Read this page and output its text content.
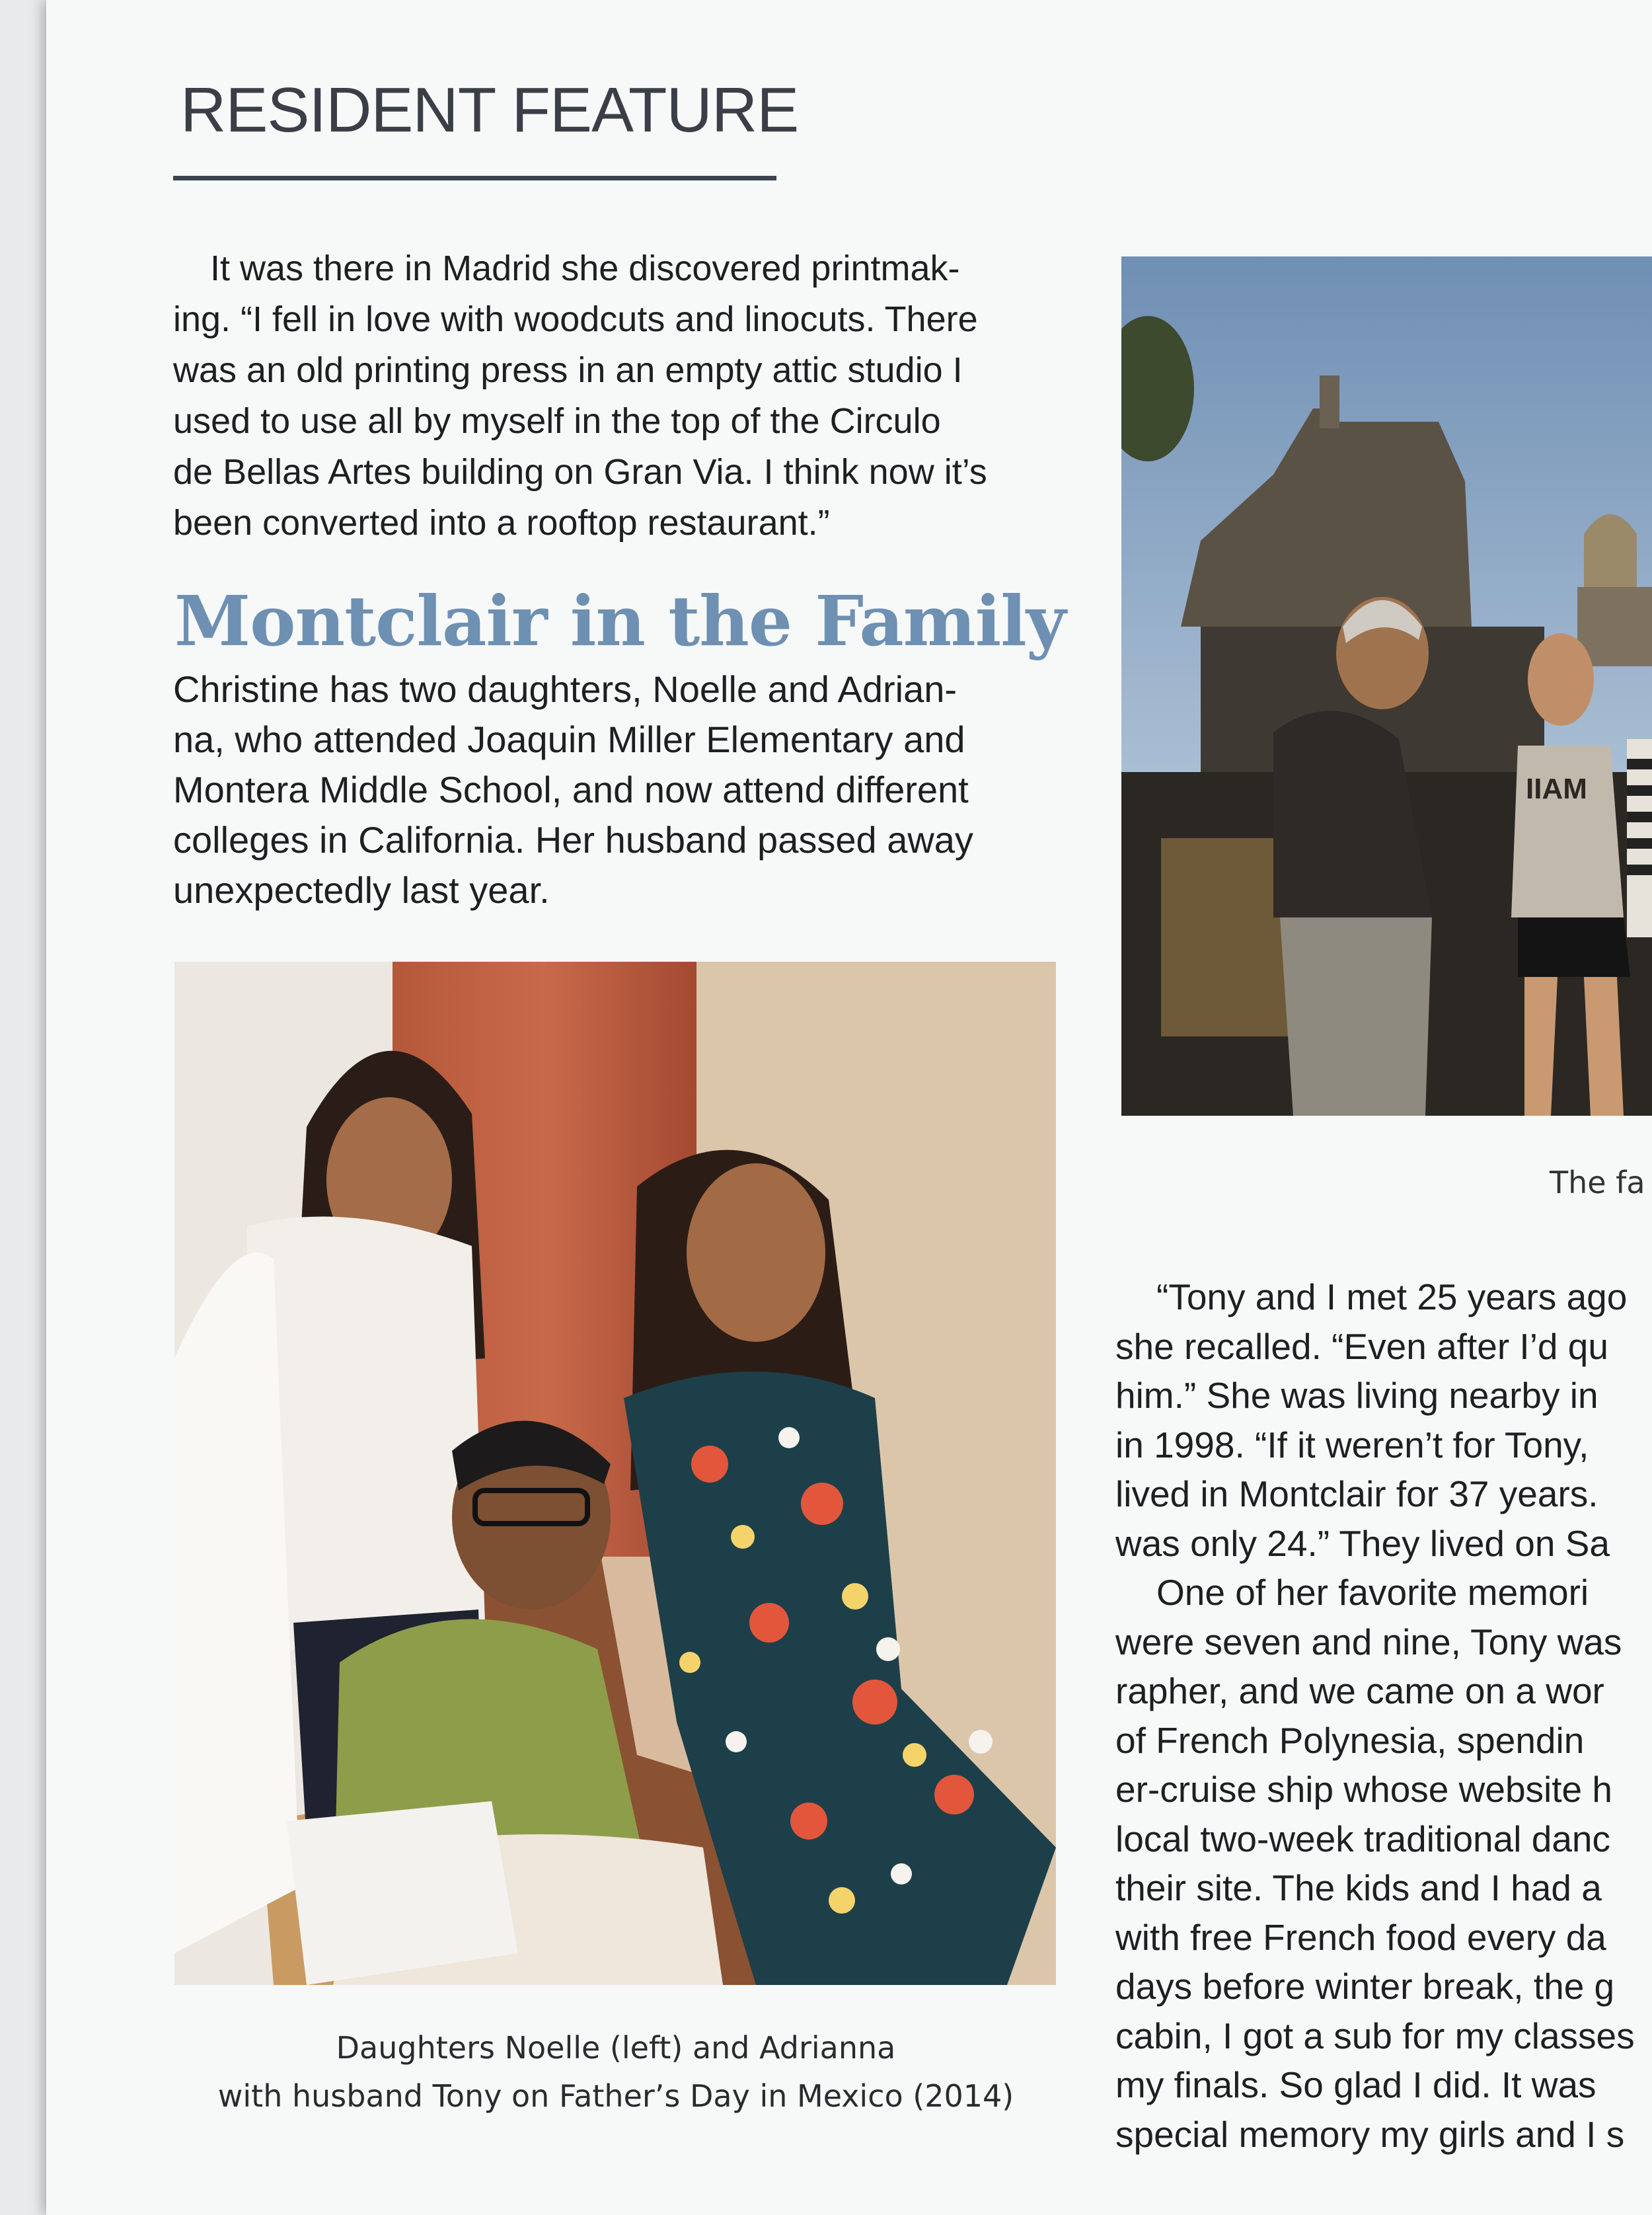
RESIDENT FEATURE

It was there in Madrid she discovered printmak-

ing. “I fell in love with woodcuts and linocuts. There

was an old printing press in an empty attic studio I

used to use all by myself in the top of the Circulo

de Bellas Artes building on Gran Via. I think now it’s

been converted into a rooftop restaurant.”

Montclair in the Family
Christine has two daughters, Noelle and Adrian-
na, who attended Joaquin Miller Elementary and
Montera Middle School, and now attend different
colleges in California. Her husband passed away
unexpectedly last year.
Daughters Noelle (left) and Adrianna
with husband Tony on Father’s Day in Mexico (2014)
IIAM
The fa
“Tony and I met 25 years ago
she recalled. “Even after I’d qu
him.” She was living nearby in
in 1998. “If it weren’t for Tony,
lived in Montclair for 37 years.
was only 24.” They lived on Sa
One of her favorite memori
were seven and nine, Tony was
rapher, and we came on a wor
of French Polynesia, spendin
er-cruise ship whose website h
local two-week traditional danc
their site. The kids and I had a
with free French food every da
days before winter break, the g
cabin, I got a sub for my classes
my finals. So glad I did. It was
special memory my girls and I s
